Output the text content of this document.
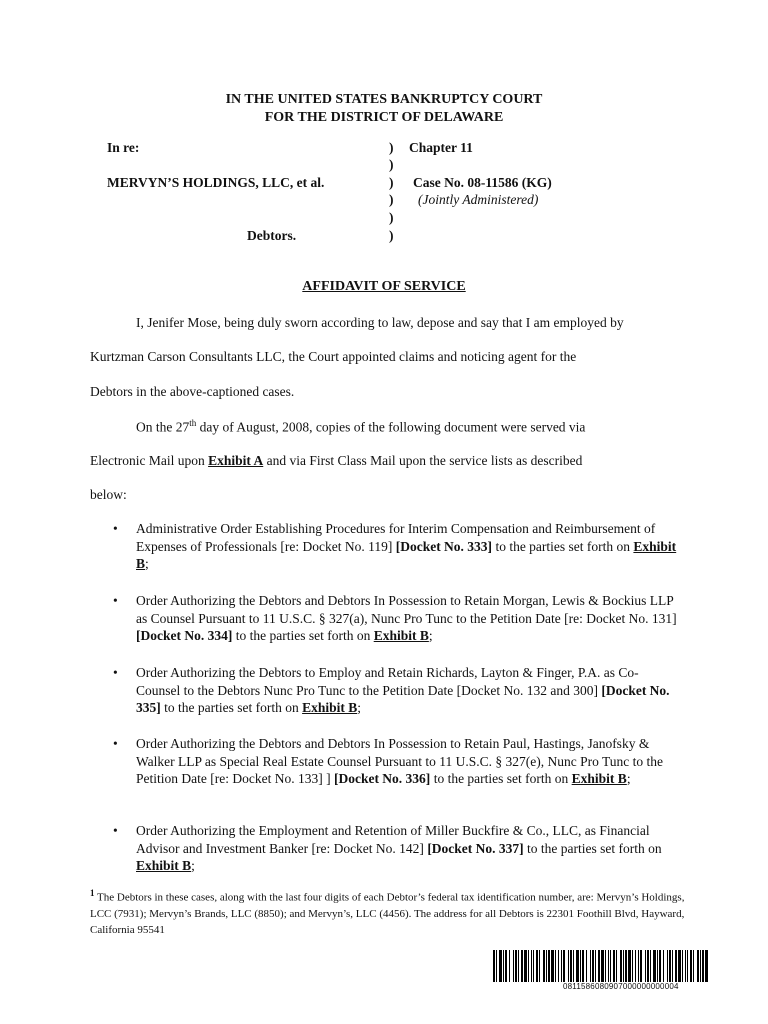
IN THE UNITED STATES BANKRUPTCY COURT
FOR THE DISTRICT OF DELAWARE
In re:	) Chapter 11
)
MERVYN’S HOLDINGS, LLC, et al.	) Case No. 08-11586 (KG)
) (Jointly Administered)
)
Debtors.	)
AFFIDAVIT OF SERVICE
I, Jenifer Mose, being duly sworn according to law, depose and say that I am employed by
Kurtzman Carson Consultants LLC, the Court appointed claims and noticing agent for the
Debtors in the above-captioned cases.
On the 27th day of August, 2008, copies of the following document were served via
Electronic Mail upon Exhibit A and via First Class Mail upon the service lists as described
below:
• Administrative Order Establishing Procedures for Interim Compensation and Reimbursement of Expenses of Professionals [re: Docket No. 119] [Docket No. 333] to the parties set forth on Exhibit B;
• Order Authorizing the Debtors and Debtors In Possession to Retain Morgan, Lewis & Bockius LLP as Counsel Pursuant to 11 U.S.C. § 327(a), Nunc Pro Tunc to the Petition Date [re: Docket No. 131] [Docket No. 334] to the parties set forth on Exhibit B;
• Order Authorizing the Debtors to Employ and Retain Richards, Layton & Finger, P.A. as Co-Counsel to the Debtors Nunc Pro Tunc to the Petition Date [Docket No. 132 and 300] [Docket No. 335] to the parties set forth on Exhibit B;
• Order Authorizing the Debtors and Debtors In Possession to Retain Paul, Hastings, Janofsky & Walker LLP as Special Real Estate Counsel Pursuant to 11 U.S.C. § 327(e), Nunc Pro Tunc to the Petition Date [re: Docket No. 133] ] [Docket No. 336] to the parties set forth on Exhibit B;
• Order Authorizing the Employment and Retention of Miller Buckfire & Co., LLC, as Financial Advisor and Investment Banker [re: Docket No. 142] [Docket No. 337] to the parties set forth on Exhibit B;
$^1$ The Debtors in these cases, along with the last four digits of each Debtor’s federal tax identification number, are: Mervyn’s Holdings, LCC (7931); Mervyn’s Brands, LLC (8850); and Mervyn’s, LLC (4456). The address for all Debtors is 22301 Foothill Blvd, Hayward, California 95541
0811586080907000000000004
